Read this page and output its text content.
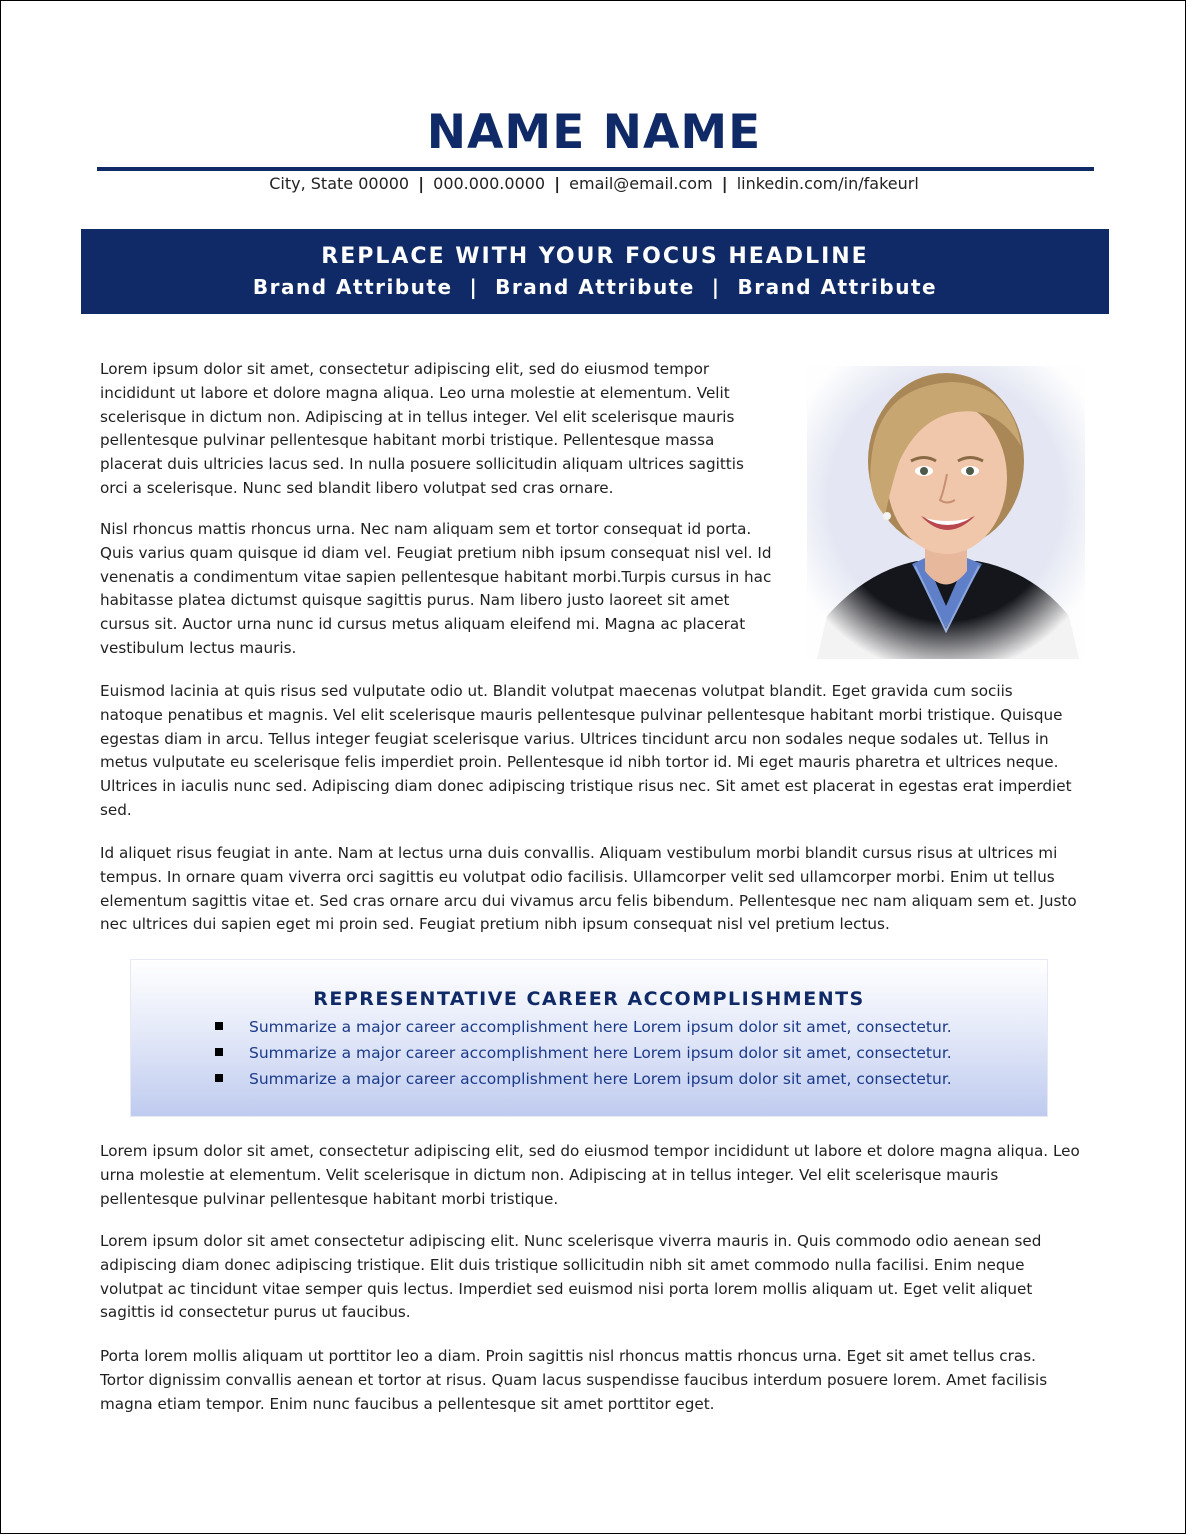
NAME NAME
City, State 00000 | 000.000.0000 | email@email.com | linkedin.com/in/fakeurl
REPLACE WITH YOUR FOCUS HEADLINE
Brand Attribute  |  Brand Attribute  |  Brand Attribute

Lorem ipsum dolor sit amet, consectetur adipiscing elit, sed do eiusmod tempor incididunt ut labore et dolore magna aliqua. Leo urna molestie at elementum. Velit scelerisque in dictum non. Adipiscing at in tellus integer. Vel elit scelerisque mauris pellentesque pulvinar pellentesque habitant morbi tristique. Pellentesque massa placerat duis ultricies lacus sed. In nulla posuere sollicitudin aliquam ultrices sagittis orci a scelerisque. Nunc sed blandit libero volutpat sed cras ornare.

Nisl rhoncus mattis rhoncus urna. Nec nam aliquam sem et tortor consequat id porta. Quis varius quam quisque id diam vel. Feugiat pretium nibh ipsum consequat nisl vel. Id venenatis a condimentum vitae sapien pellentesque habitant morbi.Turpis cursus in hac habitasse platea dictumst quisque sagittis purus. Nam libero justo laoreet sit amet cursus sit. Auctor urna nunc id cursus metus aliquam eleifend mi. Magna ac placerat vestibulum lectus mauris.

Euismod lacinia at quis risus sed vulputate odio ut. Blandit volutpat maecenas volutpat blandit. Eget gravida cum sociis natoque penatibus et magnis. Vel elit scelerisque mauris pellentesque pulvinar pellentesque habitant morbi tristique. Quisque egestas diam in arcu. Tellus integer feugiat scelerisque varius. Ultrices tincidunt arcu non sodales neque sodales ut. Tellus in metus vulputate eu scelerisque felis imperdiet proin. Pellentesque id nibh tortor id. Mi eget mauris pharetra et ultrices neque. Ultrices in iaculis nunc sed. Adipiscing diam donec adipiscing tristique risus nec. Sit amet est placerat in egestas erat imperdiet sed.

Id aliquet risus feugiat in ante. Nam at lectus urna duis convallis. Aliquam vestibulum morbi blandit cursus risus at ultrices mi tempus. In ornare quam viverra orci sagittis eu volutpat odio facilisis. Ullamcorper velit sed ullamcorper morbi. Enim ut tellus elementum sagittis vitae et. Sed cras ornare arcu dui vivamus arcu felis bibendum. Pellentesque nec nam aliquam sem et. Justo nec ultrices dui sapien eget mi proin sed. Feugiat pretium nibh ipsum consequat nisl vel pretium lectus.

REPRESENTATIVE CAREER ACCOMPLISHMENTS
Summarize a major career accomplishment here Lorem ipsum dolor sit amet, consectetur.
Summarize a major career accomplishment here Lorem ipsum dolor sit amet, consectetur.
Summarize a major career accomplishment here Lorem ipsum dolor sit amet, consectetur.

Lorem ipsum dolor sit amet, consectetur adipiscing elit, sed do eiusmod tempor incididunt ut labore et dolore magna aliqua. Leo urna molestie at elementum. Velit scelerisque in dictum non. Adipiscing at in tellus integer. Vel elit scelerisque mauris pellentesque pulvinar pellentesque habitant morbi tristique.

Lorem ipsum dolor sit amet consectetur adipiscing elit. Nunc scelerisque viverra mauris in. Quis commodo odio aenean sed adipiscing diam donec adipiscing tristique. Elit duis tristique sollicitudin nibh sit amet commodo nulla facilisi. Enim neque volutpat ac tincidunt vitae semper quis lectus. Imperdiet sed euismod nisi porta lorem mollis aliquam ut. Eget velit aliquet sagittis id consectetur purus ut faucibus.

Porta lorem mollis aliquam ut porttitor leo a diam. Proin sagittis nisl rhoncus mattis rhoncus urna. Eget sit amet tellus cras. Tortor dignissim convallis aenean et tortor at risus. Quam lacus suspendisse faucibus interdum posuere lorem. Amet facilisis magna etiam tempor. Enim nunc faucibus a pellentesque sit amet porttitor eget.
